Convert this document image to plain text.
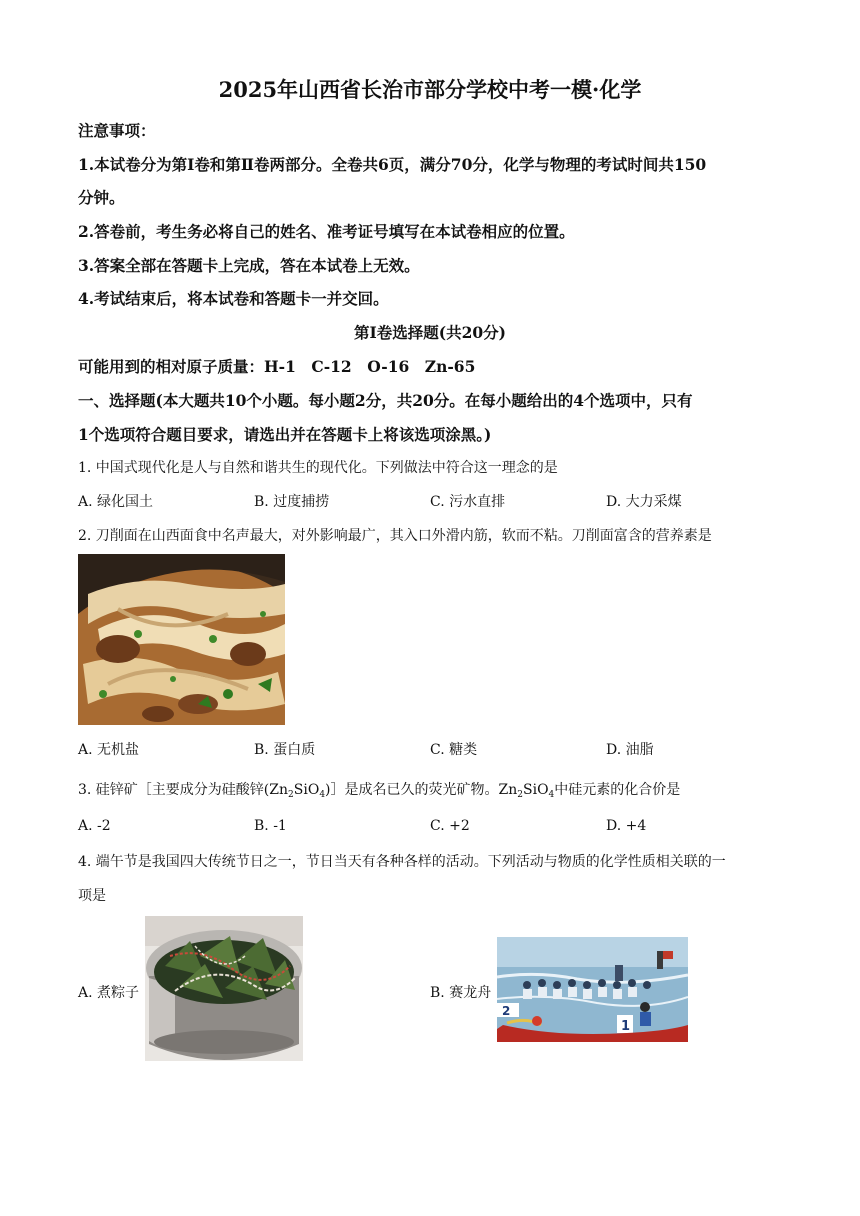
2025年山西省长治市部分学校中考一模·化学
注意事项：
1.本试卷分为第Ⅰ卷和第Ⅱ卷两部分。全卷共6页，满分70分，化学与物理的考试时间共150
分钟。
2.答卷前，考生务必将自己的姓名、准考证号填写在本试卷相应的位置。
3.答案全部在答题卡上完成，答在本试卷上无效。
4.考试结束后，将本试卷和答题卡一并交回。
第Ⅰ卷选择题(共20分)
可能用到的相对原子质量：H-1　C-12　O-16　Zn-65
一、选择题(本大题共10个小题。每小题2分，共20分。在每小题给出的4个选项中，只有
1个选项符合题目要求，请选出并在答题卡上将该选项涂黑。)
1. 中国式现代化是人与自然和谐共生的现代化。下列做法中符合这一理念的是
A. 绿化国土	B. 过度捕捞	C. 污水直排	D. 大力采煤
2. 刀削面在山西面食中名声最大，对外影响最广，其入口外滑内筋，软而不粘。刀削面富含的营养素是
A. 无机盐	B. 蛋白质	C. 糖类	D. 油脂
3. 硅锌矿［主要成分为硅酸锌$(Zn_2SiO_4)]$是成名已久的荧光矿物。$Zn_2SiO_4$中硅元素的化合价是
A. -2	B. -1	C. +2	D. +4
4. 端午节是我国四大传统节日之一，节日当天有各种各样的活动。下列活动与物质的化学性质相关联的一
项是
A. 煮粽子
2
1
B. 赛龙舟
